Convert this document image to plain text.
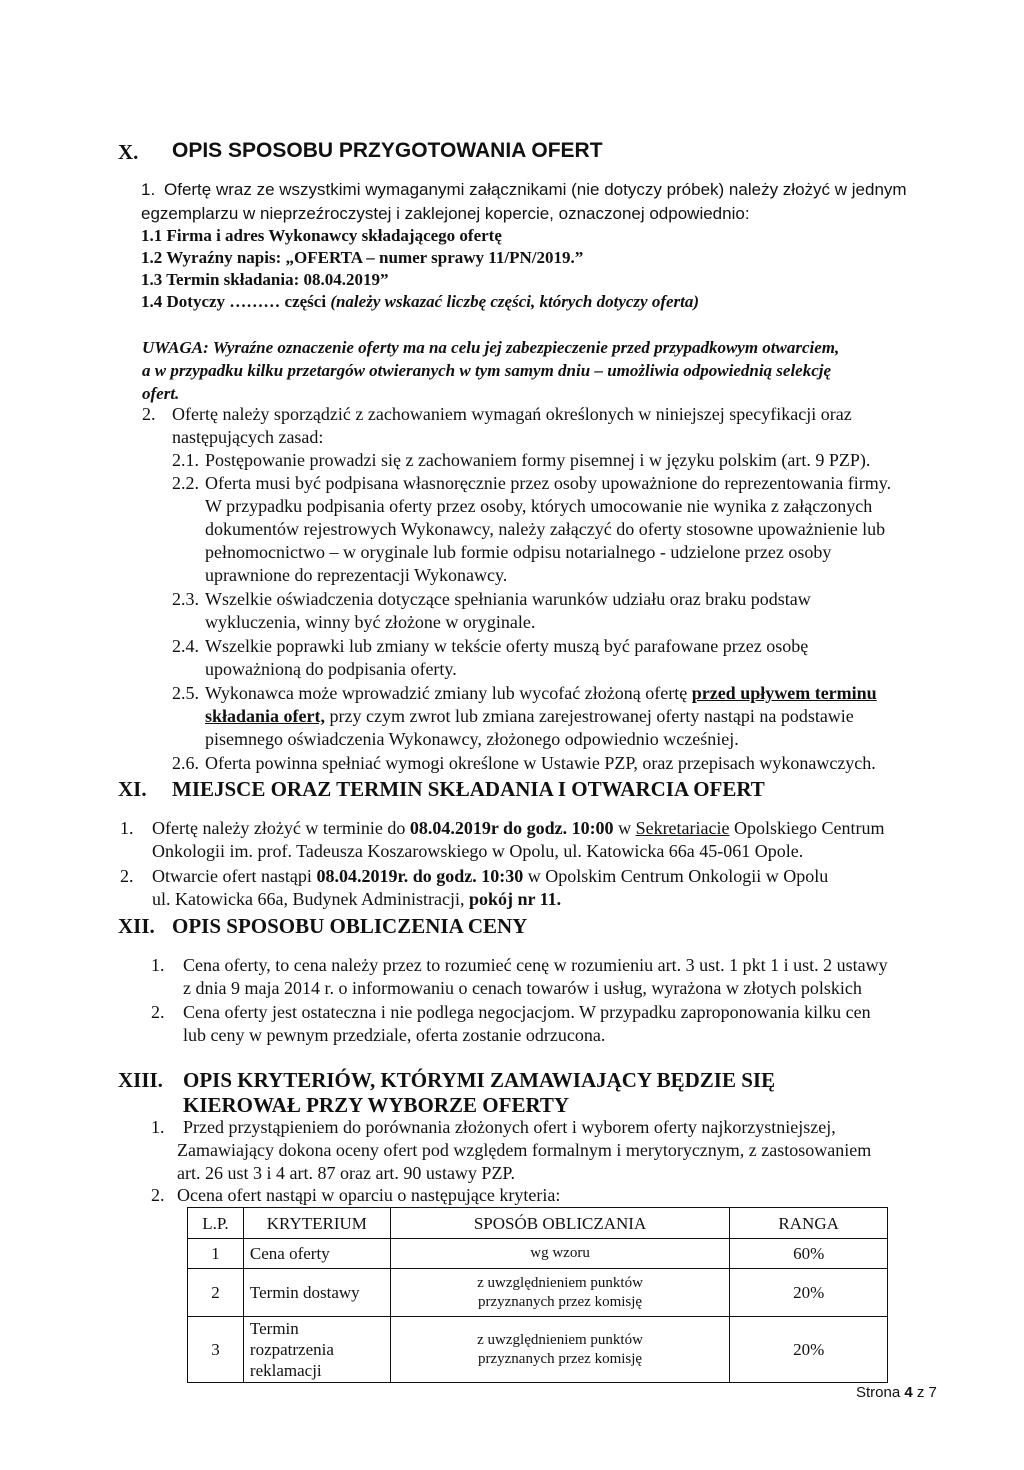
X. OPIS SPOSOBU PRZYGOTOWANIA OFERT
1. Ofertę wraz ze wszystkimi wymaganymi załącznikami (nie dotyczy próbek) należy złożyć w jednym
egzemplarzu w nieprzeźroczystej i zaklejonej kopercie, oznaczonej odpowiednio:
1.1 Firma i adres Wykonawcy składającego ofertę
1.2 Wyraźny napis: „OFERTA – numer sprawy 11/PN/2019.”
1.3 Termin składania: 08.04.2019”
1.4 Dotyczy ……… części (należy wskazać liczbę części, których dotyczy oferta)
UWAGA: Wyraźne oznaczenie oferty ma na celu jej zabezpieczenie przed przypadkowym otwarciem,
a w przypadku kilku przetargów otwieranych w tym samym dniu – umożliwia odpowiednią selekcję
ofert.
2. Ofertę należy sporządzić z zachowaniem wymagań określonych w niniejszej specyfikacji oraz
następujących zasad:
2.1. Postępowanie prowadzi się z zachowaniem formy pisemnej i w języku polskim (art. 9 PZP).
2.2. Oferta musi być podpisana własnoręcznie przez osoby upoważnione do reprezentowania firmy.
W przypadku podpisania oferty przez osoby, których umocowanie nie wynika z załączonych
dokumentów rejestrowych Wykonawcy, należy załączyć do oferty stosowne upoważnienie lub
pełnomocnictwo – w oryginale lub formie odpisu notarialnego - udzielone przez osoby
uprawnione do reprezentacji Wykonawcy.
2.3. Wszelkie oświadczenia dotyczące spełniania warunków udziału oraz braku podstaw
wykluczenia, winny być złożone w oryginale.
2.4. Wszelkie poprawki lub zmiany w tekście oferty muszą być parafowane przez osobę
upoważnioną do podpisania oferty.
2.5. Wykonawca może wprowadzić zmiany lub wycofać złożoną ofertę przed upływem terminu
składania ofert, przy czym zwrot lub zmiana zarejestrowanej oferty nastąpi na podstawie
pisemnego oświadczenia Wykonawcy, złożonego odpowiednio wcześniej.
2.6. Oferta powinna spełniać wymogi określone w Ustawie PZP, oraz przepisach wykonawczych.
XI. MIEJSCE ORAZ TERMIN SKŁADANIA I OTWARCIA OFERT
1. Ofertę należy złożyć w terminie do 08.04.2019r do godz. 10:00 w Sekretariacie Opolskiego Centrum
Onkologii im. prof. Tadeusza Koszarowskiego w Opolu, ul. Katowicka 66a 45-061 Opole.
2. Otwarcie ofert nastąpi 08.04.2019r. do godz. 10:30 w Opolskim Centrum Onkologii w Opolu
ul. Katowicka 66a, Budynek Administracji, pokój nr 11.
XII. OPIS SPOSOBU OBLICZENIA CENY
1. Cena oferty, to cena należy przez to rozumieć cenę w rozumieniu art. 3 ust. 1 pkt 1 i ust. 2 ustawy
z dnia 9 maja 2014 r. o informowaniu o cenach towarów i usług, wyrażona w złotych polskich
2. Cena oferty jest ostateczna i nie podlega negocjacjom. W przypadku zaproponowania kilku cen
lub ceny w pewnym przedziale, oferta zostanie odrzucona.
XIII. OPIS KRYTERIÓW, KTÓRYMI ZAMAWIAJĄCY BĘDZIE SIĘ
KIEROWAŁ PRZY WYBORZE OFERTY
1. Przed przystąpieniem do porównania złożonych ofert i wyborem oferty najkorzystniejszej,
Zamawiający dokona oceny ofert pod względem formalnym i merytorycznym, z zastosowaniem
art. 26 ust 3 i 4 art. 87 oraz art. 90 ustawy PZP.
2. Ocena ofert nastąpi w oparciu o następujące kryteria:
L.P.	KRYTERIUM	SPOSÓB OBLICZANIA	RANGA
1	Cena oferty	wg wzoru	60%
2	Termin dostawy	z uwzględnieniem punktów przyznanych przez komisję	20%
3	Termin rozpatrzenia reklamacji	z uwzględnieniem punktów przyznanych przez komisję	20%
Strona 4 z 7
